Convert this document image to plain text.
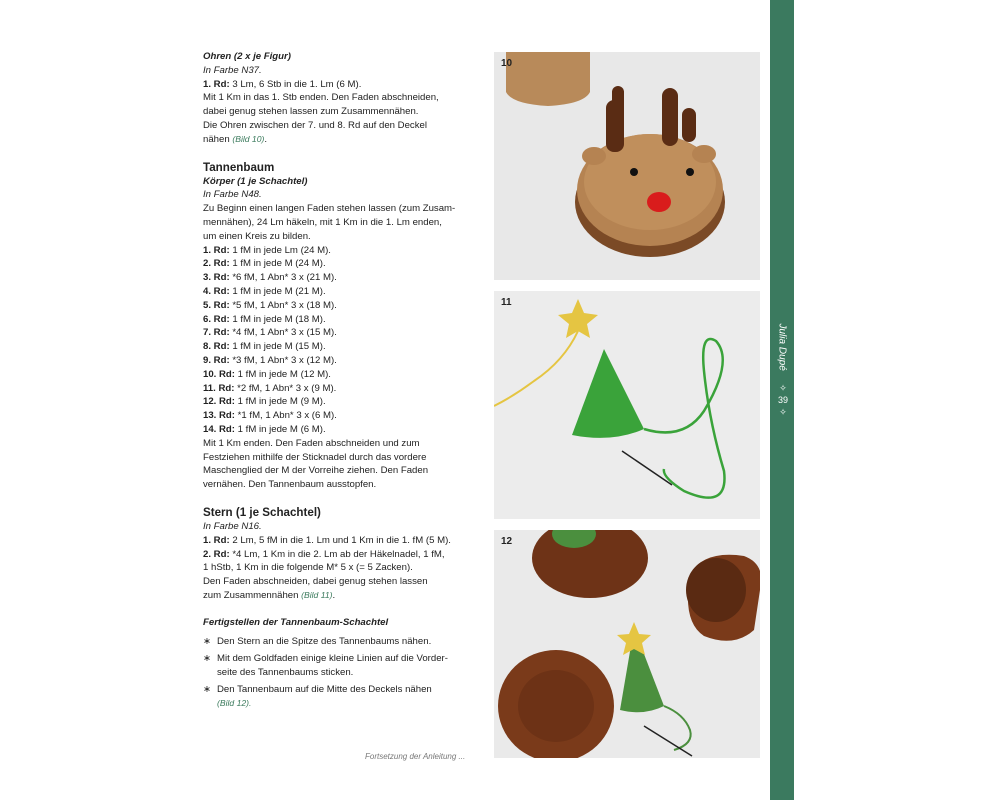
Ohren (2 x je Figur)

In Farbe N37.

1. Rd: 3 Lm, 6 Stb in die 1. Lm (6 M).

Mit 1 Km in das 1. Stb enden. Den Faden abschneiden,

dabei genug stehen lassen zum Zusammennähen.

Die Ohren zwischen der 7. und 8. Rd auf den Deckel

nähen (Bild 10).

Tannenbaum

Körper (1 je Schachtel)

In Farbe N48.

Zu Beginn einen langen Faden stehen lassen (zum Zusam-

mennähen), 24 Lm häkeln, mit 1 Km in die 1. Lm enden,

um einen Kreis zu bilden.

1. Rd: 1 fM in jede Lm (24 M).

2. Rd: 1 fM in jede M (24 M).

3. Rd: *6 fM, 1 Abn* 3 x (21 M).

4. Rd: 1 fM in jede M (21 M).

5. Rd: *5 fM, 1 Abn* 3 x (18 M).

6. Rd: 1 fM in jede M (18 M).

7. Rd: *4 fM, 1 Abn* 3 x (15 M).

8. Rd: 1 fM in jede M (15 M).

9. Rd: *3 fM, 1 Abn* 3 x (12 M).

10. Rd: 1 fM in jede M (12 M).

11. Rd: *2 fM, 1 Abn* 3 x (9 M).

12. Rd: 1 fM in jede M (9 M).

13. Rd: *1 fM, 1 Abn* 3 x (6 M).

14. Rd: 1 fM in jede M (6 M).

Mit 1 Km enden. Den Faden abschneiden und zum

Festziehen mithilfe der Sticknadel durch das vordere

Maschenglied der M der Vorreihe ziehen. Den Faden

vernähen. Den Tannenbaum ausstopfen.

Stern (1 je Schachtel)

In Farbe N16.

1. Rd: 2 Lm, 5 fM in die 1. Lm und 1 Km in die 1. fM (5 M).

2. Rd: *4 Lm, 1 Km in die 2. Lm ab der Häkelnadel, 1 fM,

1 hStb, 1 Km in die folgende M* 5 x (= 5 Zacken).

Den Faden abschneiden, dabei genug stehen lassen

zum Zusammennähen (Bild 11).

Fertigstellen der Tannenbaum-Schachtel

∗ Den Stern an die Spitze des Tannenbaums nähen.

∗ Mit dem Goldfaden einige kleine Linien auf die Vorder-

seite des Tannenbaums sticken.

∗ Den Tannenbaum auf die Mitte des Deckels nähen

(Bild 12).

Fortsetzung der Anleitung ...
10
11
12
Julia Dupé
✧
39
✧
